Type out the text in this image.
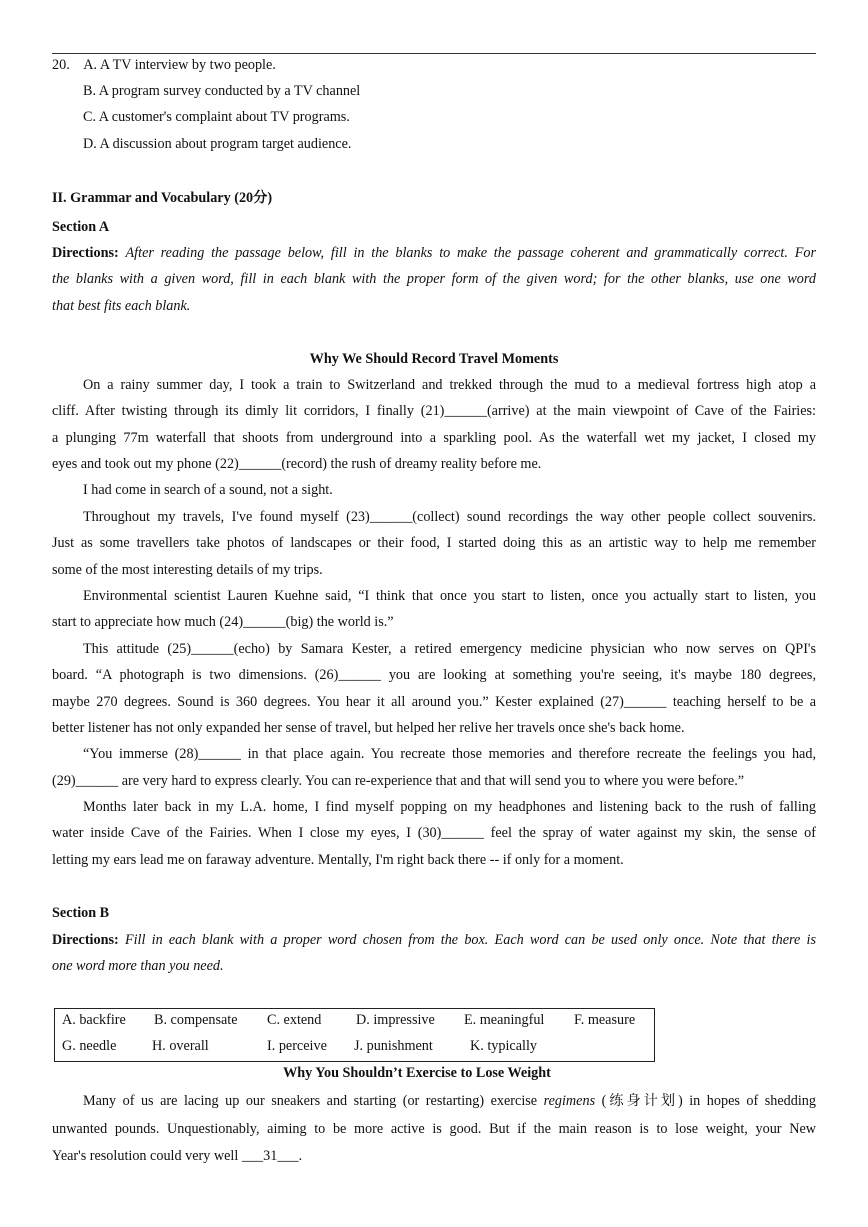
20. A. A TV interview by two people.
B. A program survey conducted by a TV channel
C. A customer's complaint about TV programs.
D. A discussion about program target audience.
II. Grammar and Vocabulary (20分)
Section A
Directions: After reading the passage below, fill in the blanks to make the passage coherent and grammatically correct. For
the blanks with a given word, fill in each blank with the proper form of the given word; for the other blanks, use one word
that best fits each blank.
Why We Should Record Travel Moments
On a rainy summer day, I took a train to Switzerland and trekked through the mud to a medieval fortress high atop a
cliff. After twisting through its dimly lit corridors, I finally (21)______(arrive) at the main viewpoint of Cave of the Fairies:
a plunging 77m waterfall that shoots from underground into a sparkling pool. As the waterfall wet my jacket, I closed my
eyes and took out my phone (22)______(record) the rush of dreamy reality before me.
I had come in search of a sound, not a sight.
Throughout my travels, I've found myself (23)______(collect) sound recordings the way other people collect souvenirs.
Just as some travellers take photos of landscapes or their food, I started doing this as an artistic way to help me remember
some of the most interesting details of my trips.
Environmental scientist Lauren Kuehne said, “I think that once you start to listen, once you actually start to listen, you
start to appreciate how much (24)______(big) the world is.”
This attitude (25)______(echo) by Samara Kester, a retired emergency medicine physician who now serves on QPI's
board. “A photograph is two dimensions. (26)______ you are looking at something you're seeing, it's maybe 180 degrees,
maybe 270 degrees. Sound is 360 degrees. You hear it all around you.” Kester explained (27)______ teaching herself to be a
better listener has not only expanded her sense of travel, but helped her relive her travels once she's back home.
“You immerse (28)______ in that place again. You recreate those memories and therefore recreate the feelings you had,
(29)______ are very hard to express clearly. You can re-experience that and that will send you to where you were before.”
Months later back in my L.A. home, I find myself popping on my headphones and listening back to the rush of falling
water inside Cave of the Fairies. When I close my eyes, I (30)______ feel the spray of water against my skin, the sense of
letting my ears lead me on faraway adventure. Mentally, I'm right back there -- if only for a moment.
Section B
Directions: Fill in each blank with a proper word chosen from the box. Each word can be used only once. Note that there is
one word more than you need.
A. backfire B. compensate C. extend D. impressive E. meaningful F. measure
G. needle	H. overall	I. perceive J. punishment	K. typically
Why You Shouldn’t Exercise to Lose Weight
Many of us are lacing up our sneakers and starting (or restarting) exercise regimens (练身计划) in hopes of shedding
unwanted pounds. Unquestionably, aiming to be more active is good. But if the main reason is to lose weight, your New
Year's resolution could very well ___31___.
